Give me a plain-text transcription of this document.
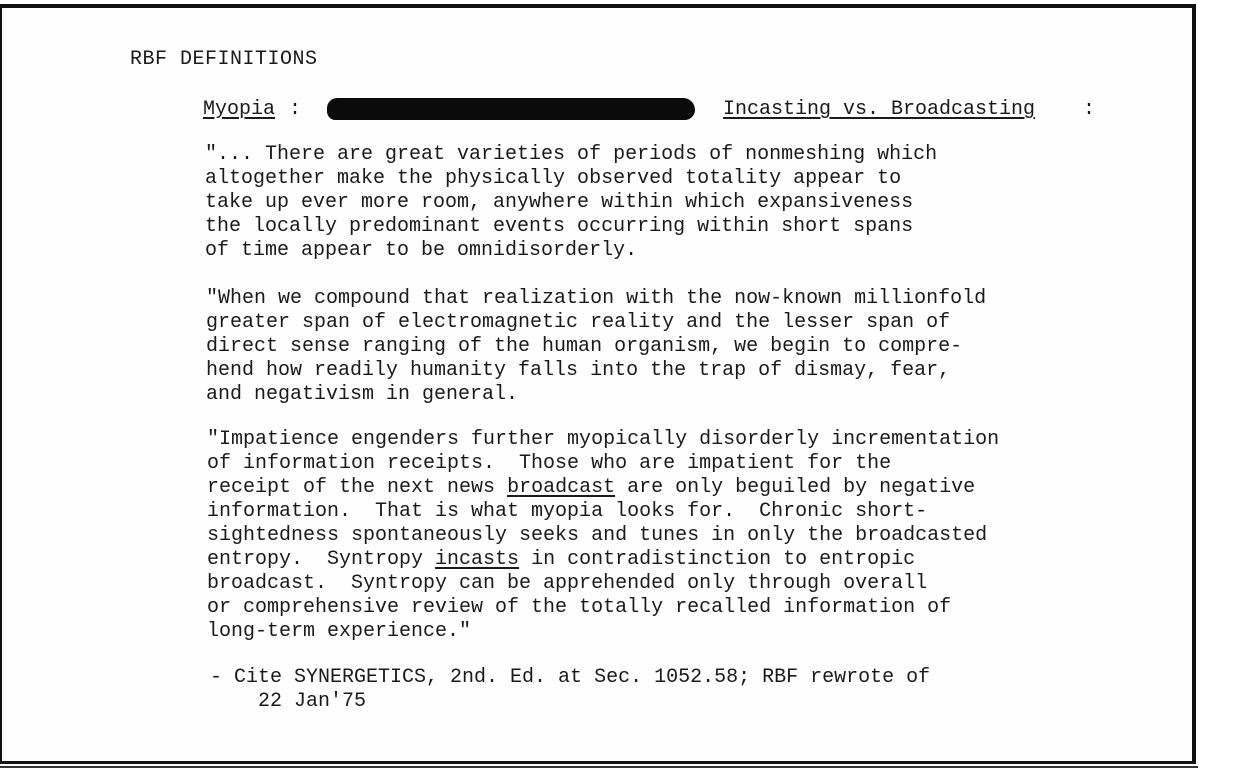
RBF DEFINITIONS
Myopia :	Incasting vs. Broadcasting :
"... There are great varieties of periods of nonmeshing which
altogether make the physically observed totality appear to
take up ever more room, anywhere within which expansiveness
the locally predominant events occurring within short spans
of time appear to be omnidisorderly.
"When we compound that realization with the now-known millionfold
greater span of electromagnetic reality and the lesser span of
direct sense ranging of the human organism, we begin to compre-
hend how readily humanity falls into the trap of dismay, fear,
and negativism in general.
"Impatience engenders further myopically disorderly incrementation
of information receipts.  Those who are impatient for the
receipt of the next news broadcast are only beguiled by negative
information.  That is what myopia looks for.  Chronic short-
sightedness spontaneously seeks and tunes in only the broadcasted
entropy.  Syntropy incasts in contradistinction to entropic
broadcast.  Syntropy can be apprehended only through overall
or comprehensive review of the totally recalled information of
long-term experience."
- Cite SYNERGETICS, 2nd. Ed. at Sec. 1052.58; RBF rewrote of
22 Jan'75
